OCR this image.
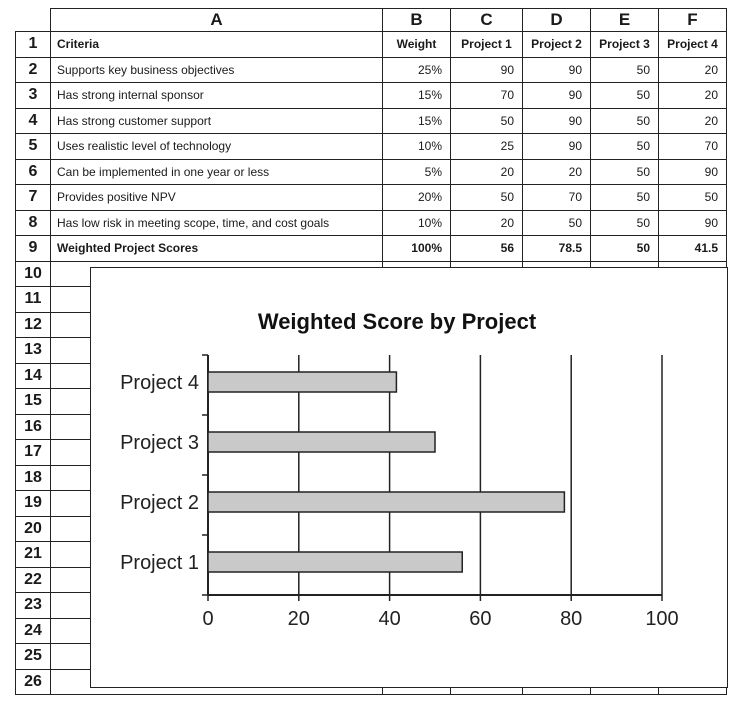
	A	B	C	D	E	F
1	Criteria	Weight	Project 1	Project 2	Project 3	Project 4
2	Supports key business objectives	25%	90	90	50	20
3	Has strong internal sponsor	15%	70	90	50	20
4	Has strong customer support	15%	50	90	50	20
5	Uses realistic level of technology	10%	25	90	50	70
6	Can be implemented in one year or less	5%	20	20	50	90
7	Provides positive NPV	20%	50	70	50	50
8	Has low risk in meeting scope, time, and cost goals	10%	20	50	50	90
9	Weighted Project Scores	100%	56	78.5	50	41.5
10						
11						
12						
13						
14						
15						
16						
17						
18						
19						
20						
21						
22						
23						
24						
25						
26						
Weighted Score by Project
Project 4
Project 3
Project 2
Project 1
0	20	40	60	80	100
